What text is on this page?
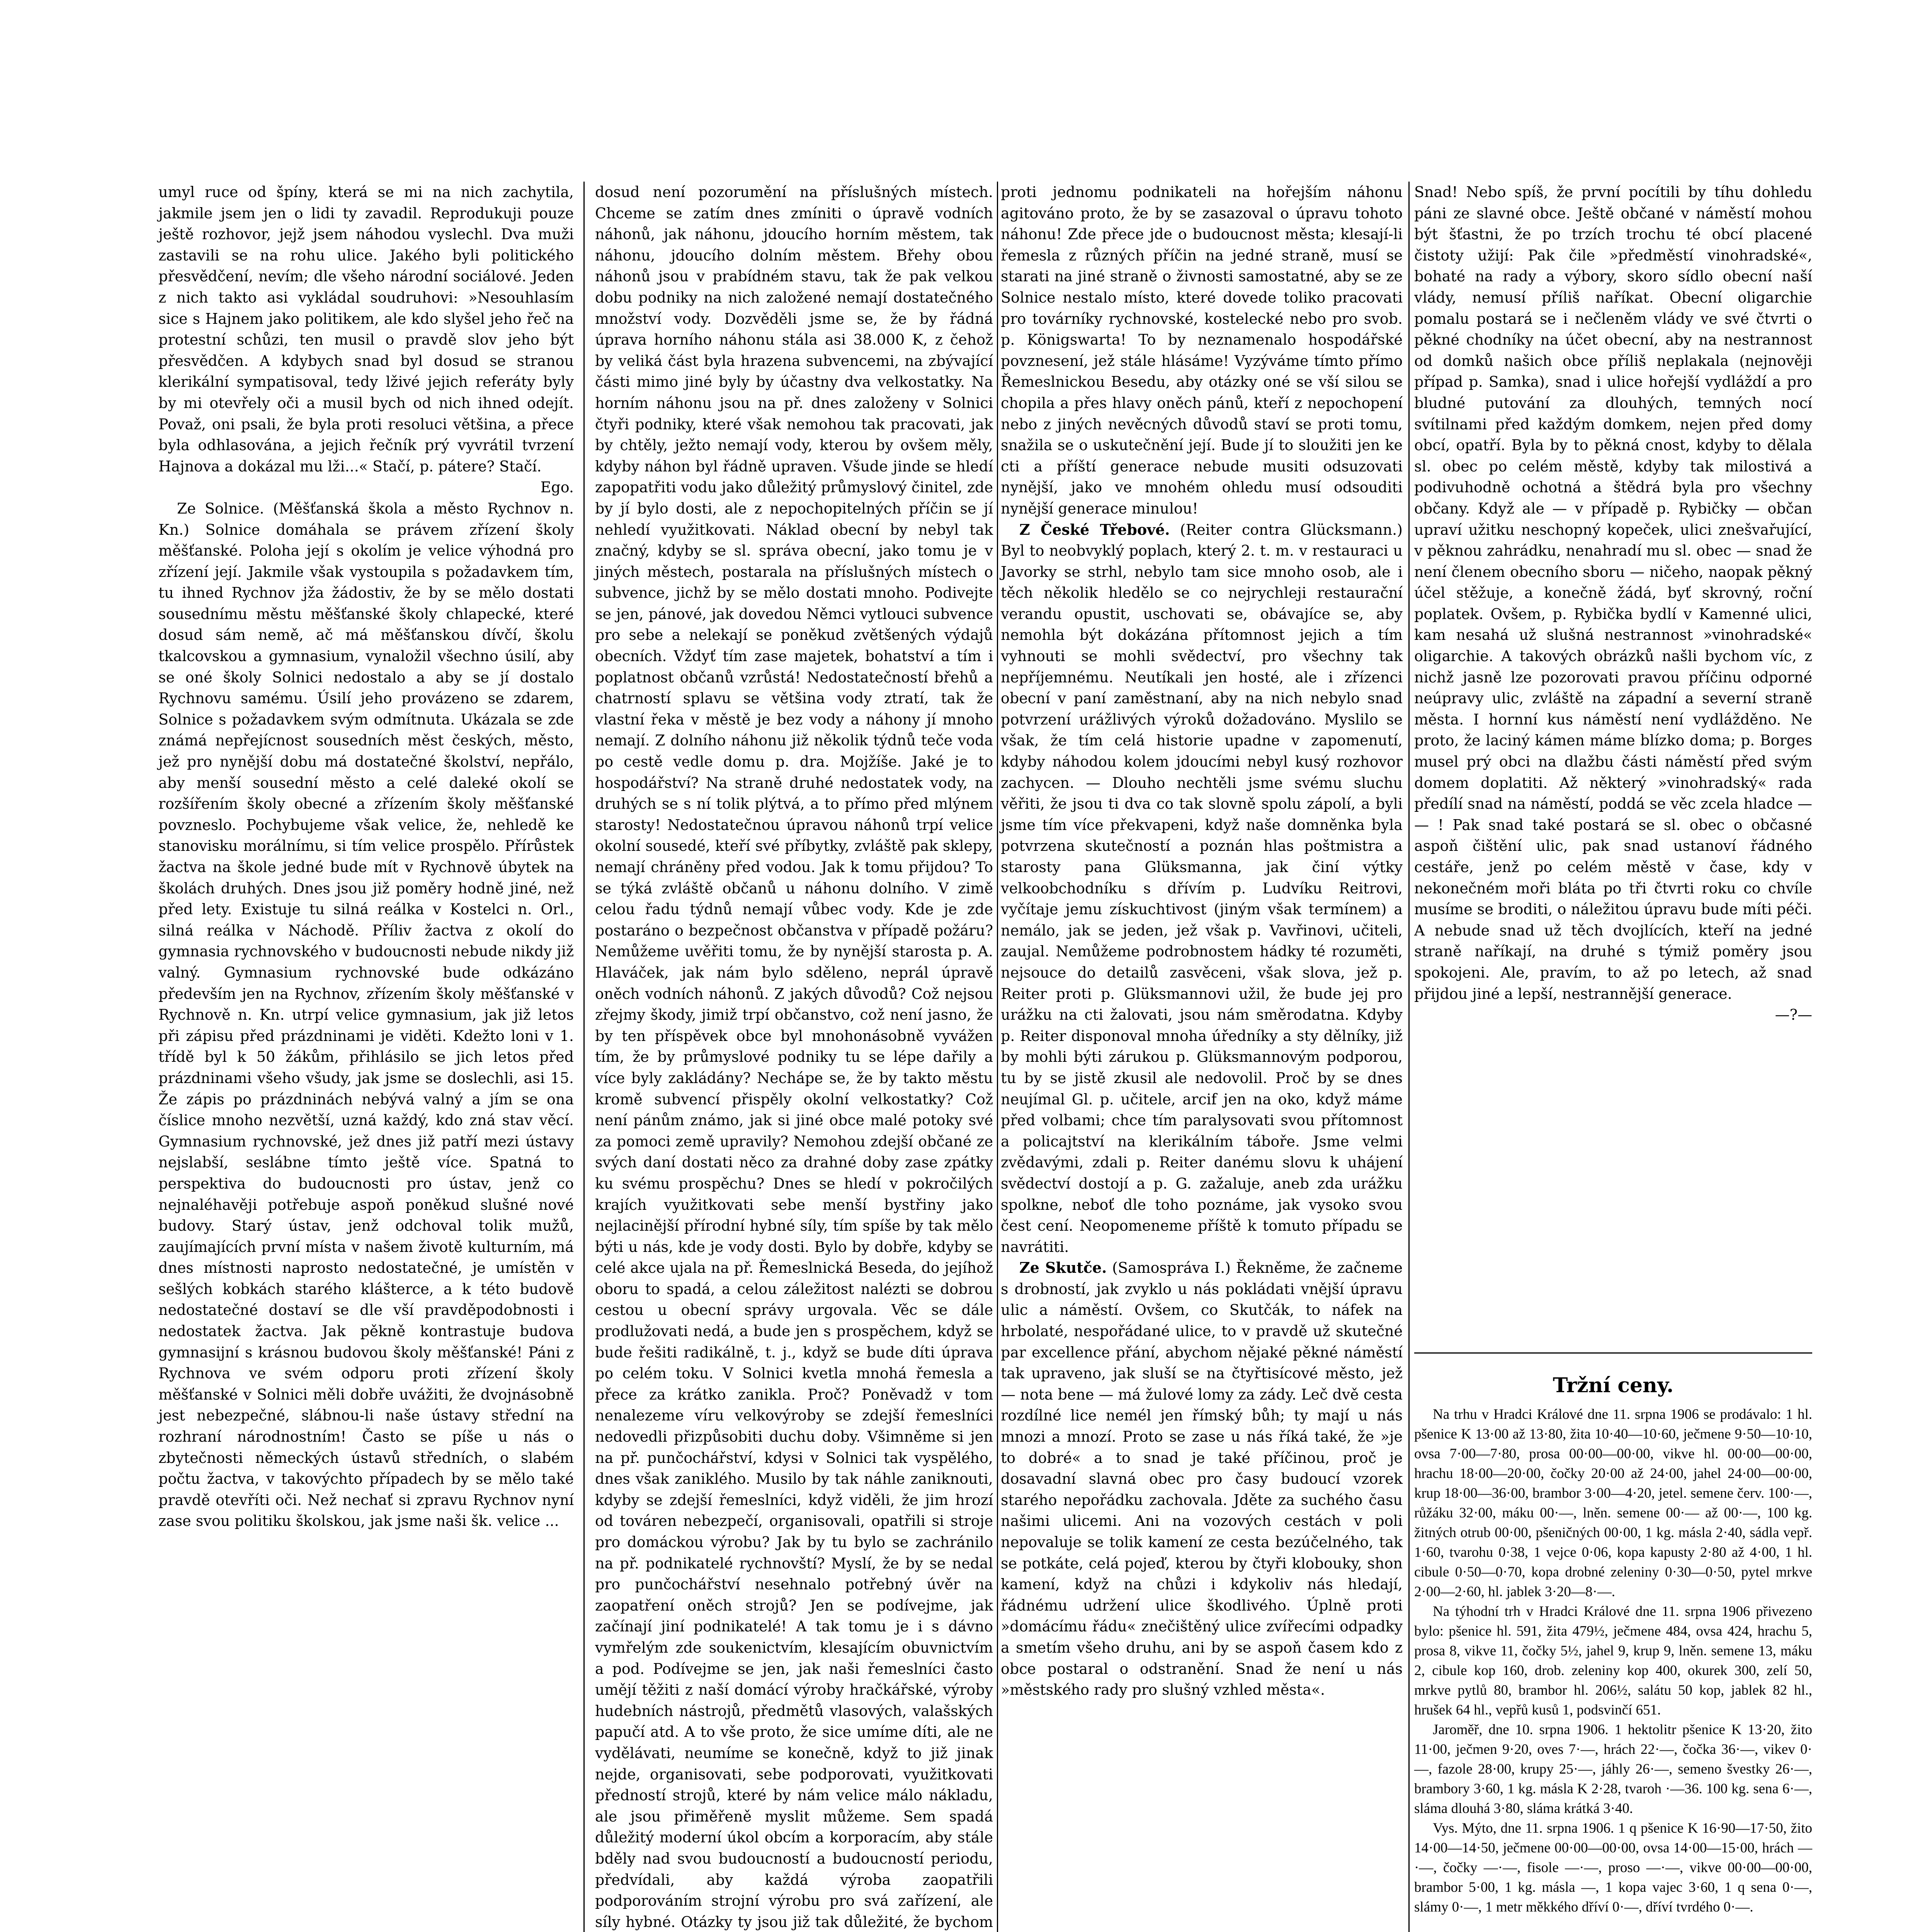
umyl ruce od špíny, která se mi na nich zachytila, jakmile jsem jen o lidi ty zavadil. Reprodukuji pouze ještě rozhovor, jejž jsem náhodou vyslechl. Dva muži zastavili se na rohu ulice. Jakého byli politického přesvědčení, nevím; dle všeho národní sociálové. Jeden z nich takto asi vykládal soudruhovi: »Nesouhlasím sice s Hajnem jako politikem, ale kdo slyšel jeho řeč na protestní schůzi, ten musil o pravdě slov jeho být přesvědčen. A kdybych snad byl dosud se stranou klerikální sympatisoval, tedy lživé jejich referáty byly by mi otevřely oči a musil bych od nich ihned odejít. Považ, oni psali, že byla proti resoluci většina, a přece byla odhlasována, a jejich řečník prý vyvrátil tvrzení Hajnova a dokázal mu lži...« Stačí, p. pátere? Stačí.

Ego.

Ze Solnice. (Měšťanská škola a město Rychnov n. Kn.) Solnice domáhala se právem zřízení školy měšťanské. Poloha její s okolím je velice výhodná pro zřízení její. Jakmile však vystoupila s požadavkem tím, tu ihned Rychnov jža žádostiv, že by se mělo dostati sousednímu městu měšťanské školy chlapecké, které dosud sám nemě, ač má měšťanskou dívčí, školu tkalcovskou a gymnasium, vynaložil všechno úsilí, aby se oné školy Solnici nedostalo a aby se jí dostalo Rychnovu samému. Úsilí jeho provázeno se zdarem, Solnice s požadavkem svým odmítnuta. Ukázala se zde známá nepřejícnost sousedních měst českých, město, jež pro nynější dobu má dostatečné školství, nepřálo, aby menší sousední město a celé daleké okolí se rozšířením školy obecné a zřízením školy měšťanské povzneslo. Pochybujeme však velice, že, nehledě ke stanovisku morálnímu, si tím velice prospělo. Přírůstek žactva na škole jedné bude mít v Rychnově úbytek na školách druhých. Dnes jsou již poměry hodně jiné, než před lety. Existuje tu silná reálka v Kostelci n. Orl., silná reálka v Náchodě. Příliv žactva z okolí do gymnasia rychnovského v budoucnosti nebude nikdy již valný. Gymnasium rychnovské bude odkázáno především jen na Rychnov, zřízením školy měšťanské v Rychnově n. Kn. utrpí velice gymnasium, jak již letos při zápisu před prázdninami je viděti. Kdežto loni v 1. třídě byl k 50 žákům, přihlásilo se jich letos před prázdninami všeho všudy, jak jsme se doslechli, asi 15. Že zápis po prázdninách nebývá valný a jím se ona číslice mnoho nezvětší, uzná každý, kdo zná stav věcí. Gymnasium rychnovské, jež dnes již patří mezi ústavy nejslabší, seslábne tímto ještě více. Spatná to perspektiva do budoucnosti pro ústav, jenž co nejnaléhavěji potřebuje aspoň poněkud slušné nové budovy. Starý ústav, jenž odchoval tolik mužů, zaujímajících první místa v našem životě kulturním, má dnes místnosti naprosto nedostatečné, je umístěn v sešlých kobkách starého klášterce, a k této budově nedostatečné dostaví se dle vší pravděpodobnosti i nedostatek žactva. Jak pěkně kontrastuje budova gymnasijní s krásnou budovou školy měšťanské! Páni z Rychnova ve svém odporu proti zřízení školy měšťanské v Solnici měli dobře uvážiti, že dvojnásobně jest nebezpečné, slábnou-li naše ústavy střední na rozhraní národnostním! Často se píše u nás o zbytečnosti německých ústavů středních, o slabém počtu žactva, v takovýchto případech by se mělo také pravdě otevříti oči. Než nechať si zpravu Rychnov nyní zase svou politiku školskou, jak jsme naši šk. velice ...

dosud není pozorumění na příslušných místech. Chceme se zatím dnes zmíniti o úpravě vodních náhonů, jak náhonu, jdoucího horním městem, tak náhonu, jdoucího dolním městem. Břehy obou náhonů jsou v prabídném stavu, tak že pak velkou dobu podniky na nich založené nemají dostatečného množství vody. Dozvěděli jsme se, že by řádná úprava horního náhonu stála asi 38.000 K, z čehož by veliká část byla hrazena subvencemi, na zbývající části mimo jiné byly by účastny dva velkostatky. Na horním náhonu jsou na př. dnes založeny v Solnici čtyři podniky, které však nemohou tak pracovati, jak by chtěly, ježto nemají vody, kterou by ovšem měly, kdyby náhon byl řádně upraven. Všude jinde se hledí zapopatřiti vodu jako důležitý průmyslový činitel, zde by jí bylo dosti, ale z nepochopitelných příčin se jí nehledí využitkovati. Náklad obecní by nebyl tak značný, kdyby se sl. správa obecní, jako tomu je v jiných městech, postarala na příslušných místech o subvence, jichž by se mělo dostati mnoho. Podivejte se jen, pánové, jak dovedou Němci vytlouci subvence pro sebe a nelekají se poněkud zvětšených výdajů obecních. Vždyť tím zase majetek, bohatství a tím i poplatnost občanů vzrůstá! Nedostatečností břehů a chatrností splavu se většina vody ztratí, tak že vlastní řeka v městě je bez vody a náhony jí mnoho nemají. Z dolního náhonu již několik týdnů teče voda po cestě vedle domu p. dra. Mojžíše. Jaké je to hospodářství? Na straně druhé nedostatek vody, na druhých se s ní tolik plýtvá, a to přímo před mlýnem starosty! Nedostatečnou úpravou náhonů trpí velice okolní sousedé, kteří své příbytky, zvláště pak sklepy, nemají chráněny před vodou. Jak k tomu přijdou? To se týká zvláště občanů u náhonu dolního. V zimě celou řadu týdnů nemají vůbec vody. Kde je zde postaráno o bezpečnost občanstva v případě požáru? Nemůžeme uvěřiti tomu, že by nynější starosta p. A. Hlaváček, jak nám bylo sděleno, neprál úpravě oněch vodních náhonů. Z jakých důvodů? Což nejsou zřejmy škody, jimiž trpí občanstvo, což není jasno, že by ten příspěvek obce byl mnohonásobně vyvážen tím, že by průmyslové podniky tu se lépe dařily a více byly zakládány? Nechápe se, že by takto městu kromě subvencí přispěly okolní velkostatky? Což není pánům známo, jak si jiné obce malé potoky své za pomoci země upravily? Nemohou zdejší občané ze svých daní dostati něco za drahné doby zase zpátky ku svému prospěchu? Dnes se hledí v pokročilých krajích využitkovati sebe menší bystřiny jako nejlacinější přírodní hybné síly, tím spíše by tak mělo býti u nás, kde je vody dosti. Bylo by dobře, kdyby se celé akce ujala na př. Řemeslnická Beseda, do jejíhož oboru to spadá, a celou záležitost nalézti se dobrou cestou u obecní správy urgovala. Věc se dále prodlužovati nedá, a bude jen s prospěchem, když se bude řešiti radikálně, t. j., když se bude díti úprava po celém toku. V Solnici kvetla mnohá řemesla a přece za krátko zanikla. Proč? Poněvadž v tom nenalezeme víru velkovýroby se zdejší řemeslníci nedovedli přizpůsobiti duchu doby. Všimněme si jen na př. punčochářství, kdysi v Solnici tak vyspělého, dnes však zaniklého. Musilo by tak náhle zaniknouti, kdyby se zdejší řemeslníci, když viděli, že jim hrozí od továren nebezpečí, organisovali, opatřili si stroje pro domáckou výrobu? Jak by tu bylo se zachránilo na př. podnikatelé rychnovští? Myslí, že by se nedal pro punčochářství nesehnalo potřebný úvěr na zaopatření oněch strojů? Jen se podívejme, jak začínají jiní podnikatelé! A tak tomu je i s dávno vymřelým zde soukenictvím, klesajícím obuvnictvím a pod. Podívejme se jen, jak naši řemeslníci často umějí těžiti z naší domácí výroby hračkářské, výroby hudebních nástrojů, předmětů vlasových, valašských papučí atd. A to vše proto, že sice umíme díti, ale ne vydělávati, neumíme se konečně, když to již jinak nejde, organisovati, sebe podporovati, využitkovati předností strojů, které by nám velice málo nákladu, ale jsou přiměřeně myslit můžeme. Sem spadá důležitý moderní úkol obcím a korporacím, aby stále bděly nad svou budoucností a budoucností periodu, předvídali, aby každá výroba zaopatřili podporováním strojní výrobu pro svá zařízení, ale síly hybné. Otázky ty jsou již tak důležité, že bychom

proti jednomu podnikateli na hořejším náhonu agitováno proto, že by se zasazoval o úpravu tohoto náhonu! Zde přece jde o budoucnost města; klesají-li řemesla z různých příčin na jedné straně, musí se starati na jiné straně o živnosti samostatné, aby se ze Solnice nestalo místo, které dovede toliko pracovati pro továrníky rychnovské, kostelecké nebo pro svob. p. Königswarta! To by neznamenalo hospodářské povznesení, jež stále hlásáme! Vyzýváme tímto přímo Řemeslnickou Besedu, aby otázky oné se vší silou se chopila a přes hlavy oněch pánů, kteří z nepochopení nebo z jiných nevěcných důvodů staví se proti tomu, snažila se o uskutečnění její. Bude jí to sloužiti jen ke cti a příští generace nebude musiti odsuzovati nynější, jako ve mnohém ohledu musí odsouditi nynější generace minulou!

Z České Třebové. (Reiter contra Glücksmann.) Byl to neobvyklý poplach, který 2. t. m. v restauraci u Javorky se strhl, nebylo tam sice mnoho osob, ale i těch několik hledělo se co nejrychleji restaurační verandu opustit, uschovati se, obávajíce se, aby nemohla být dokázána přítomnost jejich a tím vyhnouti se mohli svědectví, pro všechny tak nepříjemnému. Neutíkali jen hosté, ale i zřízenci obecní v paní zaměstnaní, aby na nich nebylo snad potvrzení urážlivých výroků dožadováno. Myslilo se však, že tím celá historie upadne v zapomenutí, kdyby náhodou kolem jdoucími nebyl kusý rozhovor zachycen. — Dlouho nechtěli jsme svému sluchu věřiti, že jsou ti dva co tak slovně spolu zápolí, a byli jsme tím více překvapeni, když naše domněnka byla potvrzena skutečností a poznán hlas poštmistra a starosty pana Glüksmanna, jak činí výtky velkoobchodníku s dřívím p. Ludvíku Reitrovi, vyčítaje jemu získuchtivost (jiným však termínem) a nemálo, jak se jeden, jež však p. Vavřinovi, učiteli, zaujal. Nemůžeme podrobnostem hádky té rozuměti, nejsouce do detailů zasvěceni, však slova, jež p. Reiter proti p. Glüksmannovi užil, že bude jej pro urážku na cti žalovati, jsou nám směrodatna. Kdyby p. Reiter disponoval mnoha úředníky a sty dělníky, již by mohli býti zárukou p. Glüksmannovým podporou, tu by se jistě zkusil ale nedovolil. Proč by se dnes neujímal Gl. p. učitele, arcif jen na oko, když máme před volbami; chce tím paralysovati svou přítomnost a policajtství na klerikálním táboře. Jsme velmi zvědavými, zdali p. Reiter danému slovu k uhájení svědectví dostojí a p. G. zažaluje, aneb zda urážku spolkne, neboť dle toho poznáme, jak vysoko svou čest cení. Neopomeneme příště k tomuto případu se navrátiti.

Ze Skutče. (Samospráva I.) Řekněme, že začneme s drobností, jak zvyklo u nás pokládati vnější úpravu ulic a náměstí. Ovšem, co Skutčák, to náfek na hrbolaté, nespořádané ulice, to v pravdě už skutečné par excellence přání, abychom nějaké pěkné náměstí tak upraveno, jak sluší se na čtyřtisícové město, jež — nota bene — má žulové lomy za zády. Leč dvě cesta rozdílné lice nemél jen římský bůh; ty mají u nás mnozi a mnozí. Proto se zase u nás říká také, že »je to dobré« a to snad je také příčinou, proč je dosavadní slavná obec pro časy budoucí vzorek starého nepořádku zachovala. Jděte za suchého času našimi ulicemi. Ani na vozových cestách v poli nepovaluje se tolik kamení ze cesta bezúčelného, tak se potkáte, celá pojeď, kterou by čtyři klobouky, shon kamení, když na chůzi i kdykoliv nás hledají, řádnému udržení ulice škodlivého. Úplně proti »domácímu řádu« znečištěný ulice zvířecími odpadky a smetím všeho druhu, ani by se aspoň časem kdo z obce postaral o odstranění. Snad že není u nás »městského rady pro slušný vzhled města«.

Snad! Nebo spíš, že první pocítili by tíhu dohledu páni ze slavné obce. Ještě občané v náměstí mohou být šťastni, že po trzích trochu té obcí placené čistoty užijí: Pak čile »předměstí vinohradské«, bohaté na rady a výbory, skoro sídlo obecní naší vlády, nemusí příliš naříkat. Obecní oligarchie pomalu postará se i nečleněm vlády ve své čtvrti o pěkné chodníky na účet obecní, aby na nestrannost od domků našich obce příliš neplakala (nejnověji případ p. Samka), snad i ulice hořejší vydláždí a pro bludné putování za dlouhých, temných nocí svítilnami před každým domkem, nejen před domy obcí, opatří. Byla by to pěkná cnost, kdyby to dělala sl. obec po celém městě, kdyby tak milostivá a podivuhodně ochotná a štědrá byla pro všechny občany. Když ale — v případě p. Rybičky — občan upraví užitku neschopný kopeček, ulici znešvařující, v pěknou zahrádku, nenahradí mu sl. obec — snad že není členem obecního sboru — ničeho, naopak pěkný účel stěžuje, a konečně žádá, byť skrovný, roční poplatek. Ovšem, p. Rybička bydlí v Kamenné ulici, kam nesahá už slušná nestrannost »vinohradské« oligarchie. A takových obrázků našli bychom víc, z nichž jasně lze pozorovati pravou příčinu odporné neúpravy ulic, zvláště na západní a severní straně města. I hornní kus náměstí není vydlážděno. Ne proto, že laciný kámen máme blízko doma; p. Borges musel prý obci na dlažbu části náměstí před svým domem doplatiti. Až některý »vinohradský« rada předílí snad na náměstí, poddá se věc zcela hladce — — ! Pak snad také postará se sl. obec o občasné aspoň čištění ulic, pak snad ustanoví řádného cestáře, jenž po celém městě v čase, kdy v nekonečném moři bláta po tři čtvrti roku co chvíle musíme se broditi, o náležitou úpravu bude míti péči. A nebude snad už těch dvojlících, kteří na jedné straně naříkají, na druhé s týmiž poměry jsou spokojeni. Ale, pravím, to až po letech, až snad přijdou jiné a lepší, nestrannější generace.

—?—

Tržní ceny.

Na trhu v Hradci Králové dne 11. srpna 1906 se prodávalo: 1 hl. pšenice K 13·00 až 13·80, žita 10·40—10·60, ječmene 9·50—10·10, ovsa 7·00—7·80, prosa 00·00—00·00, vikve hl. 00·00—00·00, hrachu 18·00—20·00, čočky 20·00 až 24·00, jahel 24·00—00·00, krup 18·00—36·00, brambor 3·00—4·20, jetel. semene červ. 100·—, růžáku 32·00, máku 00·—, lněn. semene 00·— až 00·—, 100 kg. žitných otrub 00·00, pšeničných 00·00, 1 kg. másla 2·40, sádla vepř. 1·60, tvarohu 0·38, 1 vejce 0·06, kopa kapusty 2·80 až 4·00, 1 hl. cibule 0·50—0·70, kopa drobné zeleniny 0·30—0·50, pytel mrkve 2·00—2·60, hl. jablek 3·20—8·—.

Na týhodní trh v Hradci Králové dne 11. srpna 1906 přivezeno bylo: pšenice hl. 591, žita 479½, ječmene 484, ovsa 424, hrachu 5, prosa 8, vikve 11, čočky 5½, jahel 9, krup 9, lněn. semene 13, máku 2, cibule kop 160, drob. zeleniny kop 400, okurek 300, zelí 50, mrkve pytlů 80, brambor hl. 206½, salátu 50 kop, jablek 82 hl., hrušek 64 hl., vepřů kusů 1, podsvinčí 651.

Jaroměř, dne 10. srpna 1906. 1 hektolitr pšenice K 13·20, žito 11·00, ječmen 9·20, oves 7·—, hrách 22·—, čočka 36·—, vikev 0·—, fazole 28·00, krupy 25·—, jáhly 26·—, semeno švestky 26·—, brambory 3·60, 1 kg. másla K 2·28, tvaroh ·—36. 100 kg. sena 6·—, sláma dlouhá 3·80, sláma krátká 3·40.

Vys. Mýto, dne 11. srpna 1906. 1 q pšenice K 16·90—17·50, žito 14·00—14·50, ječmene 00·00—00·00, ovsa 14·00—15·00, hrách —·—, čočky —·—, fisole —·—, proso —·—, vikve 00·00—00·00, brambor 5·00, 1 kg. másla —, 1 kopa vajec 3·60, 1 q sena 0·—, slámy 0·—, 1 metr měkkého dříví 0·—, dříví tvrdého 0·—.
